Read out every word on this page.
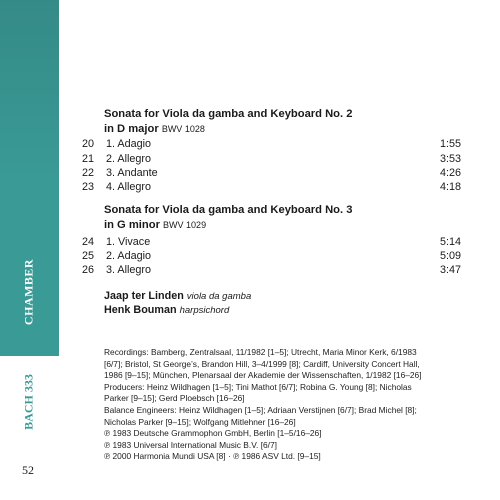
CHAMBER
BACH 333
52
Sonata for Viola da gamba and Keyboard No. 2
in D major BWV 1028
20 1. Adagio	1:55
21 2. Allegro	3:53
22 3. Andante	4:26
23 4. Allegro	4:18
Sonata for Viola da gamba and Keyboard No. 3
in G minor BWV 1029
24 1. Vivace	5:14
25 2. Adagio	5:09
26 3. Allegro	3:47
Jaap ter Linden viola da gamba
Henk Bouman harpsichord
Recordings: Bamberg, Zentralsaal, 11/1982 [1–5]; Utrecht, Maria Minor Kerk, 6/1983 [6/7]; Bristol, St George’s, Brandon Hill, 3–4/1999 [8]; Cardiff, University Concert Hall, 1986 [9–15]; München, Plenarsaal der Akademie der Wissenschaften, 1/1982 [16–26]
Producers: Heinz Wildhagen [1–5]; Tini Mathot [6/7]; Robina G. Young [8]; Nicholas Parker [9–15]; Gerd Ploebsch [16–26]
Balance Engineers: Heinz Wildhagen [1–5]; Adriaan Verstijnen [6/7]; Brad Michel [8]; Nicholas Parker [9–15]; Wolfgang Mitlehner [16–26]
℗ 1983 Deutsche Grammophon GmbH, Berlin [1–5/16–26]
℗ 1983 Universal International Music B.V. [6/7]
℗ 2000 Harmonia Mundi USA [8] · ℗ 1986 ASV Ltd. [9–15]
